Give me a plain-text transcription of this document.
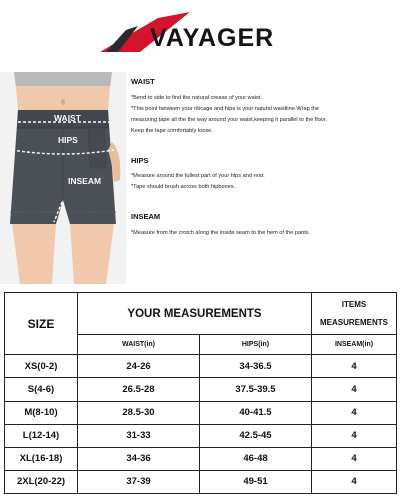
VAYAGER
WAIST
HIPS
INSEAM
WAIST
*Bend to side to find the natural crease of your waist.
*This point between your ribcage and hips is your natural waistline.Wrap the
measuring tape all the the way around your waist,keeping it parallel to the floor.
Keep the tape comfortably loose.
HIPS
*Measure around the fullest part of your hips and rear.
*Tape should brush across both hipbones.
INSEAM
*Measure from the crotch along the inside seam to the hem of the pants.
SIZE	YOUR MEASUREMENTS		ITEMS
MEASUREMENTS

	WAIST(in)	HIPS(in)	INSEAM(in)
XS(0-2)	24-26	34-36.5	4
S(4-6)	26.5-28	37.5-39.5	4
M(8-10)	28.5-30	40-41.5	4
L(12-14)	31-33	42.5-45	4
XL(16-18)	34-36	46-48	4
2XL(20-22)	37-39	49-51	4
